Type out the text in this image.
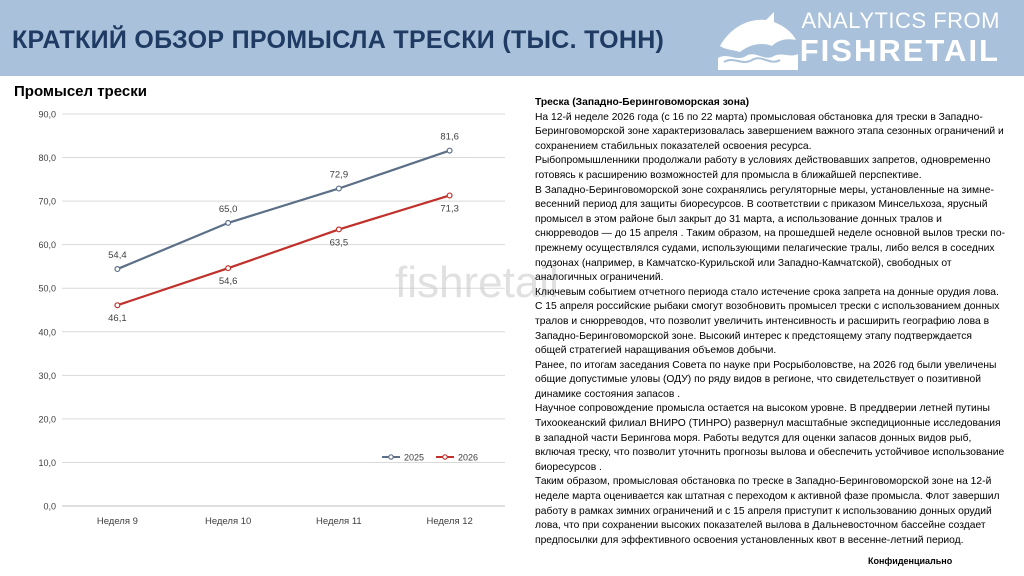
КРАТКИЙ ОБЗОР ПРОМЫСЛА ТРЕСКИ (ТЫС. ТОНН)
ANALYTICS FROM
FISHRETAIL
Промысел трески
0,0
10,0
20,0
30,0
40,0
50,0
60,0
70,0
80,0
90,0
Неделя 9	Неделя 10	Неделя 11	Неделя 12
54,4
65,0
72,9
81,6
46,1
54,6
63,5
71,3
2025	2026
fishretail

Треска (Западно-Беринговоморская зона)

На 12-й неделе 2026 года (с 16 по 22 марта) промысловая обстановка для трески в Западно-Беринговоморской зоне характеризовалась завершением важного этапа сезонных ограничений и сохранением стабильных показателей освоения ресурса.

Рыбопромышленники продолжали работу в условиях действовавших запретов, одновременно готовясь к расширению возможностей для промысла в ближайшей перспективе.

В Западно-Беринговоморской зоне сохранялись регуляторные меры, установленные на зимне-весенний период для защиты биоресурсов. В соответствии с приказом Минсельхоза, ярусный промысел в этом районе был закрыт до 31 марта, а использование донных тралов и снюрреводов — до 15 апреля . Таким образом, на прошедшей неделе основной вылов трески по-прежнему осуществлялся судами, использующими пелагические тралы, либо велся в соседних подзонах (например, в Камчатско-Курильской или Западно-Камчатской), свободных от аналогичных ограничений.

Ключевым событием отчетного периода стало истечение срока запрета на донные орудия лова. С 15 апреля российские рыбаки смогут возобновить промысел трески с использованием донных тралов и снюрреводов, что позволит увеличить интенсивность и расширить географию лова в Западно-Беринговоморской зоне. Высокий интерес к предстоящему этапу подтверждается общей стратегией наращивания объемов добычи.

Ранее, по итогам заседания Совета по науке при Росрыболовстве, на 2026 год были увеличены общие допустимые уловы (ОДУ) по ряду видов в регионе, что свидетельствует о позитивной динамике состояния запасов .

Научное сопровождение промысла остается на высоком уровне. В преддверии летней путины Тихоокеанский филиал ВНИРО (ТИНРО) развернул масштабные экспедиционные исследования в западной части Берингова моря. Работы ведутся для оценки запасов донных видов рыб, включая треску, что позволит уточнить прогнозы вылова и обеспечить устойчивое использование биоресурсов .

Таким образом, промысловая обстановка по треске в Западно-Беринговоморской зоне на 12-й неделе марта оценивается как штатная с переходом к активной фазе промысла. Флот завершил работу в рамках зимних ограничений и с 15 апреля приступит к использованию донных орудий лова, что при сохранении высоких показателей вылова в Дальневосточном бассейне создает предпосылки для эффективного освоения установленных квот в весенне-летний период.

Конфиденциально
